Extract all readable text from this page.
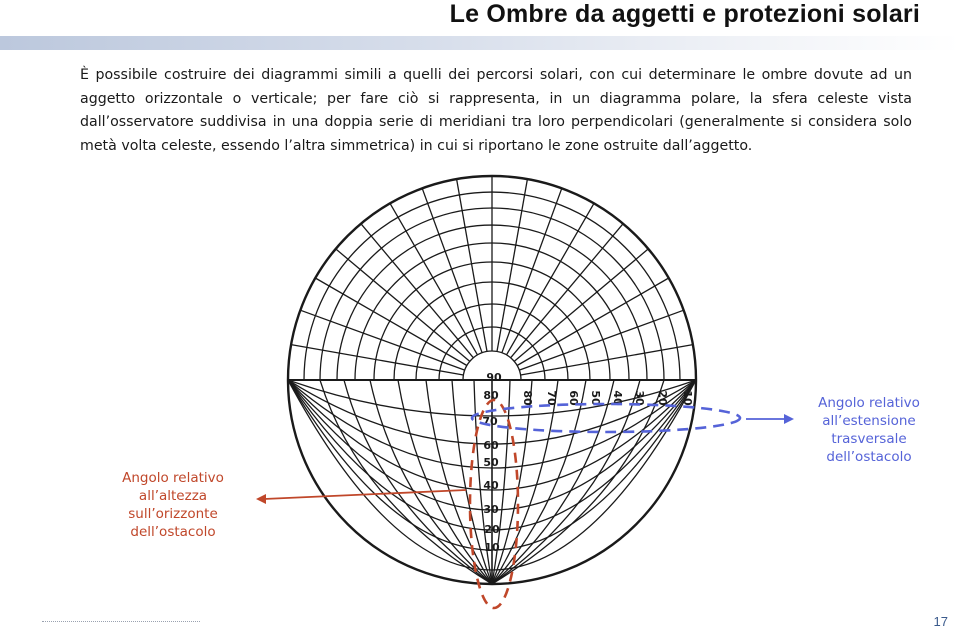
Le Ombre da aggetti e protezioni solari
È possibile costruire dei diagrammi simili a quelli dei percorsi solari, con cui determinare le ombre dovute ad un aggetto orizzontale o verticale; per fare ciò si rappresenta, in un diagramma polare, la sfera celeste vista dall’osservatore suddivisa in una doppia serie di meridiani tra loro perpendicolari (generalmente si considera solo metà volta celeste, essendo l’altra simmetrica) in cui si riportano le zone ostruite dall’aggetto.
90
80
70
60
50
40
30
20
10
80 70 60 50 40 30 20 10
Angolo relativo all’altezza sull’orizzonte dell’ostacolo
Angolo relativo all’estensione trasversale dell’ostacolo
17
